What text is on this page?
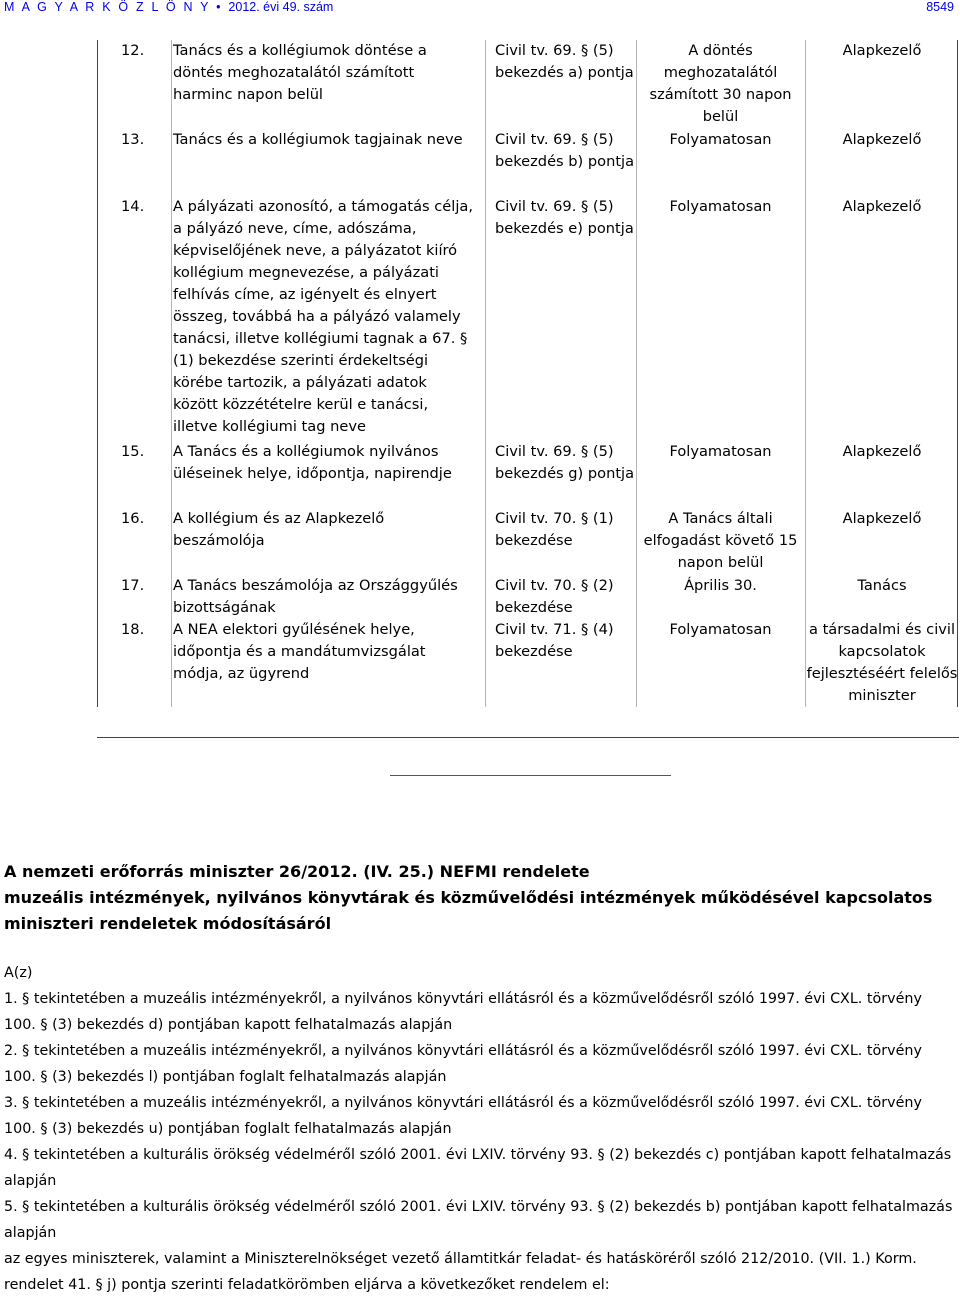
M A G Y A R K Ö Z L Ö N Y • 2012. évi 49. szám	8549
12.	Tanács és a kollégiumok döntése a döntés meghozatalától számított harminc napon belül	Civil tv. 69. § (5) bekezdés a) pontja	A döntés meghozatalától számított 30 napon belül	Alapkezelő
13.	Tanács és a kollégiumok tagjainak neve	Civil tv. 69. § (5) bekezdés b) pontja	Folyamatosan	Alapkezelő
14.	A pályázati azonosító, a támogatás célja, a pályázó neve, címe, adószáma, képviselőjének neve, a pályázatot kiíró kollégium megnevezése, a pályázati felhívás címe, az igényelt és elnyert összeg, továbbá ha a pályázó valamely tanácsi, illetve kollégiumi tagnak a 67. § (1) bekezdése szerinti érdekeltségi körébe tartozik, a pályázati adatok között közzétételre kerül e tanácsi, illetve kollégiumi tag neve	Civil tv. 69. § (5) bekezdés e) pontja	Folyamatosan	Alapkezelő
15.	A Tanács és a kollégiumok nyilvános üléseinek helye, időpontja, napirendje	Civil tv. 69. § (5) bekezdés g) pontja	Folyamatosan	Alapkezelő
16.	A kollégium és az Alapkezelő beszámolója	Civil tv. 70. § (1) bekezdése	A Tanács általi elfogadást követő 15 napon belül	Alapkezelő
17.	A Tanács beszámolója az Országgyűlés bizottságának	Civil tv. 70. § (2) bekezdése	Április 30.	Tanács
18.	A NEA elektori gyűlésének helye, időpontja és a mandátumvizsgálat módja, az ügyrend	Civil tv. 71. § (4) bekezdése	Folyamatosan	a társadalmi és civil kapcsolatok fejlesztéséért felelős miniszter
A nemzeti erőforrás miniszter 26/2012. (IV. 25.) NEFMI rendelete
muzeális intézmények, nyilvános könyvtárak és közművelődési intézmények működésével kapcsolatos miniszteri rendeletek módosításáról

A(z)

1. § tekintetében a muzeális intézményekről, a nyilvános könyvtári ellátásról és a közművelődésről szóló 1997. évi CXL. törvény 100. § (3) bekezdés d) pontjában kapott felhatalmazás alapján

2. § tekintetében a muzeális intézményekről, a nyilvános könyvtári ellátásról és a közművelődésről szóló 1997. évi CXL. törvény 100. § (3) bekezdés l) pontjában foglalt felhatalmazás alapján

3. § tekintetében a muzeális intézményekről, a nyilvános könyvtári ellátásról és a közművelődésről szóló 1997. évi CXL. törvény 100. § (3) bekezdés u) pontjában foglalt felhatalmazás alapján

4. § tekintetében a kulturális örökség védelméről szóló 2001. évi LXIV. törvény 93. § (2) bekezdés c) pontjában kapott felhatalmazás alapján

5. § tekintetében a kulturális örökség védelméről szóló 2001. évi LXIV. törvény 93. § (2) bekezdés b) pontjában kapott felhatalmazás alapján

az egyes miniszterek, valamint a Miniszterelnökséget vezető államtitkár feladat- és hatásköréről szóló 212/2010. (VII. 1.) Korm. rendelet 41. § j) pontja szerinti feladatkörömben eljárva a következőket rendelem el:
